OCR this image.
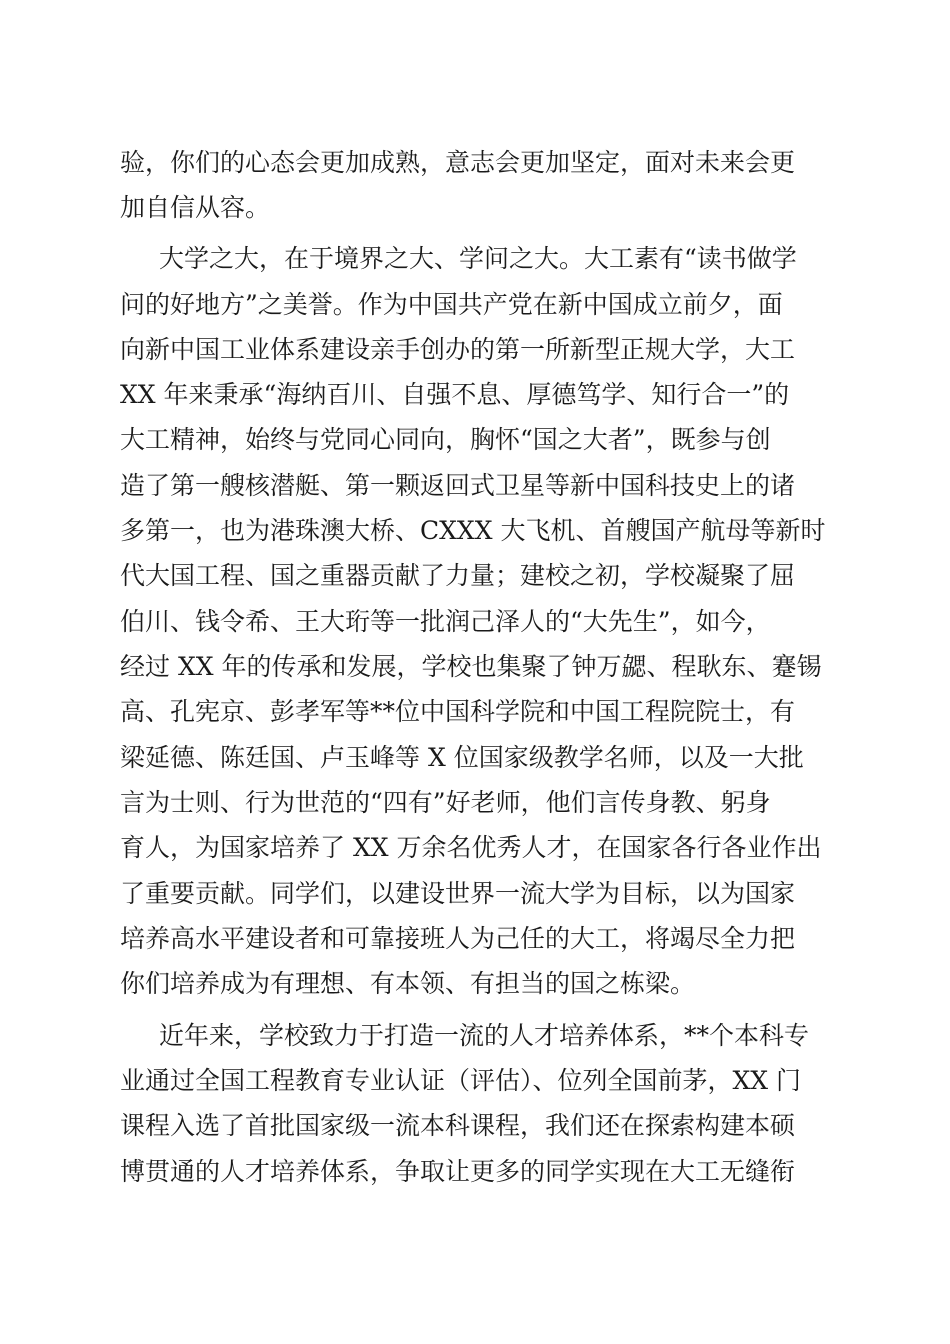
验，你们的心态会更加成熟，意志会更加坚定，面对未来会更
加自信从容。
大学之大，在于境界之大、学问之大。大工素有“读书做学
问的好地方”之美誉。作为中国共产党在新中国成立前夕，面
向新中国工业体系建设亲手创办的第一所新型正规大学，大工
XX 年来秉承“海纳百川、自强不息、厚德笃学、知行合一”的
大工精神，始终与党同心同向，胸怀“国之大者”，既参与创
造了第一艘核潜艇、第一颗返回式卫星等新中国科技史上的诸
多第一，也为港珠澳大桥、CXXX 大飞机、首艘国产航母等新时
代大国工程、国之重器贡献了力量；建校之初，学校凝聚了屈
伯川、钱令希、王大珩等一批润己泽人的“大先生”，如今，
经过 XX 年的传承和发展，学校也集聚了钟万勰、程耿东、蹇锡
高、孔宪京、彭孝军等**位中国科学院和中国工程院院士，有
梁延德、陈廷国、卢玉峰等 X 位国家级教学名师，以及一大批
言为士则、行为世范的“四有”好老师，他们言传身教、躬身
育人，为国家培养了 XX 万余名优秀人才，在国家各行各业作出
了重要贡献。同学们，以建设世界一流大学为目标，以为国家
培养高水平建设者和可靠接班人为己任的大工，将竭尽全力把
你们培养成为有理想、有本领、有担当的国之栋梁。
近年来，学校致力于打造一流的人才培养体系，**个本科专
业通过全国工程教育专业认证（评估）、位列全国前茅，XX 门
课程入选了首批国家级一流本科课程，我们还在探索构建本硕
博贯通的人才培养体系，争取让更多的同学实现在大工无缝衔
